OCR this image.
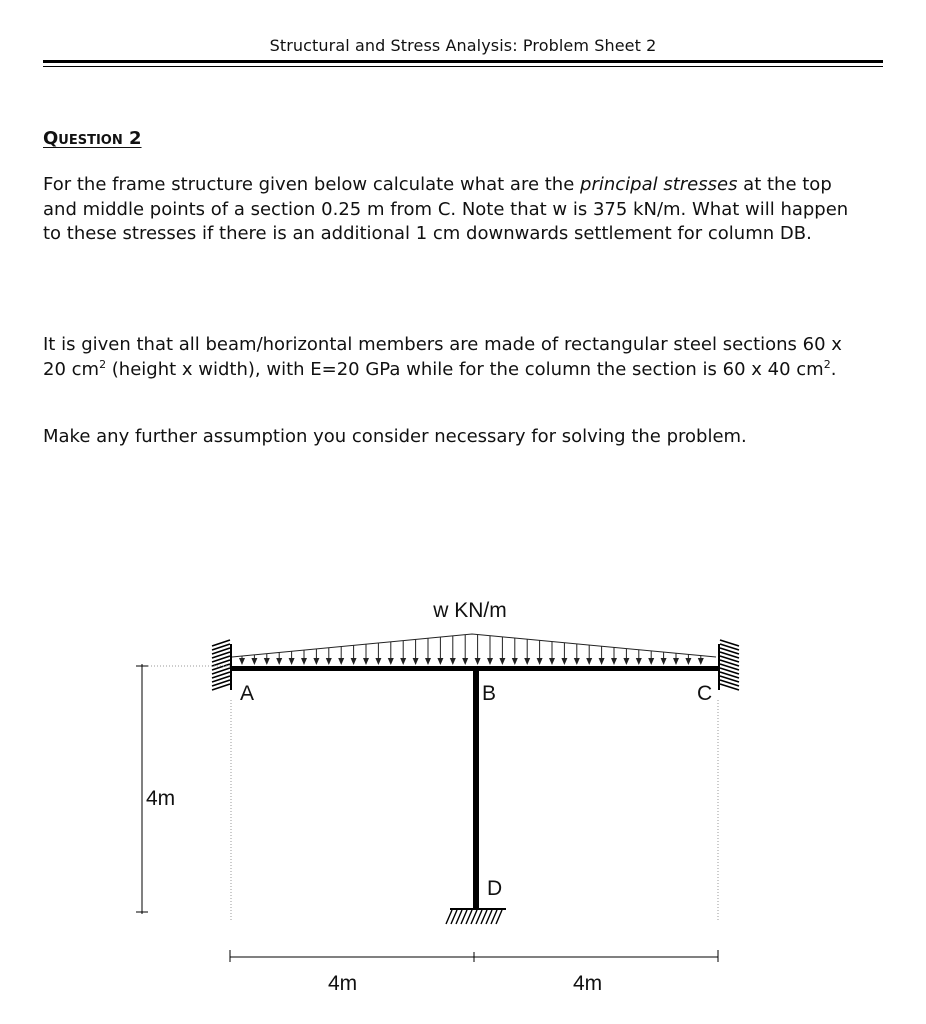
Structural and Stress Analysis: Problem Sheet 2
Question 2
For the frame structure given below calculate what are the principal stresses at the top and middle points of a section 0.25 m from C. Note that w is 375 kN/m. What will happen to these stresses if there is an additional 1 cm downwards settlement for column DB.
It is given that all beam/horizontal members are made of rectangular steel sections 60 x 20 $cm^2$ (height x width), with E=20 GPa while for the column the section is 60 x 40 $cm^2$.
Make any further assumption you consider necessary for solving the problem.
w KN/m
A	B	C
D
4m
4m	4m
